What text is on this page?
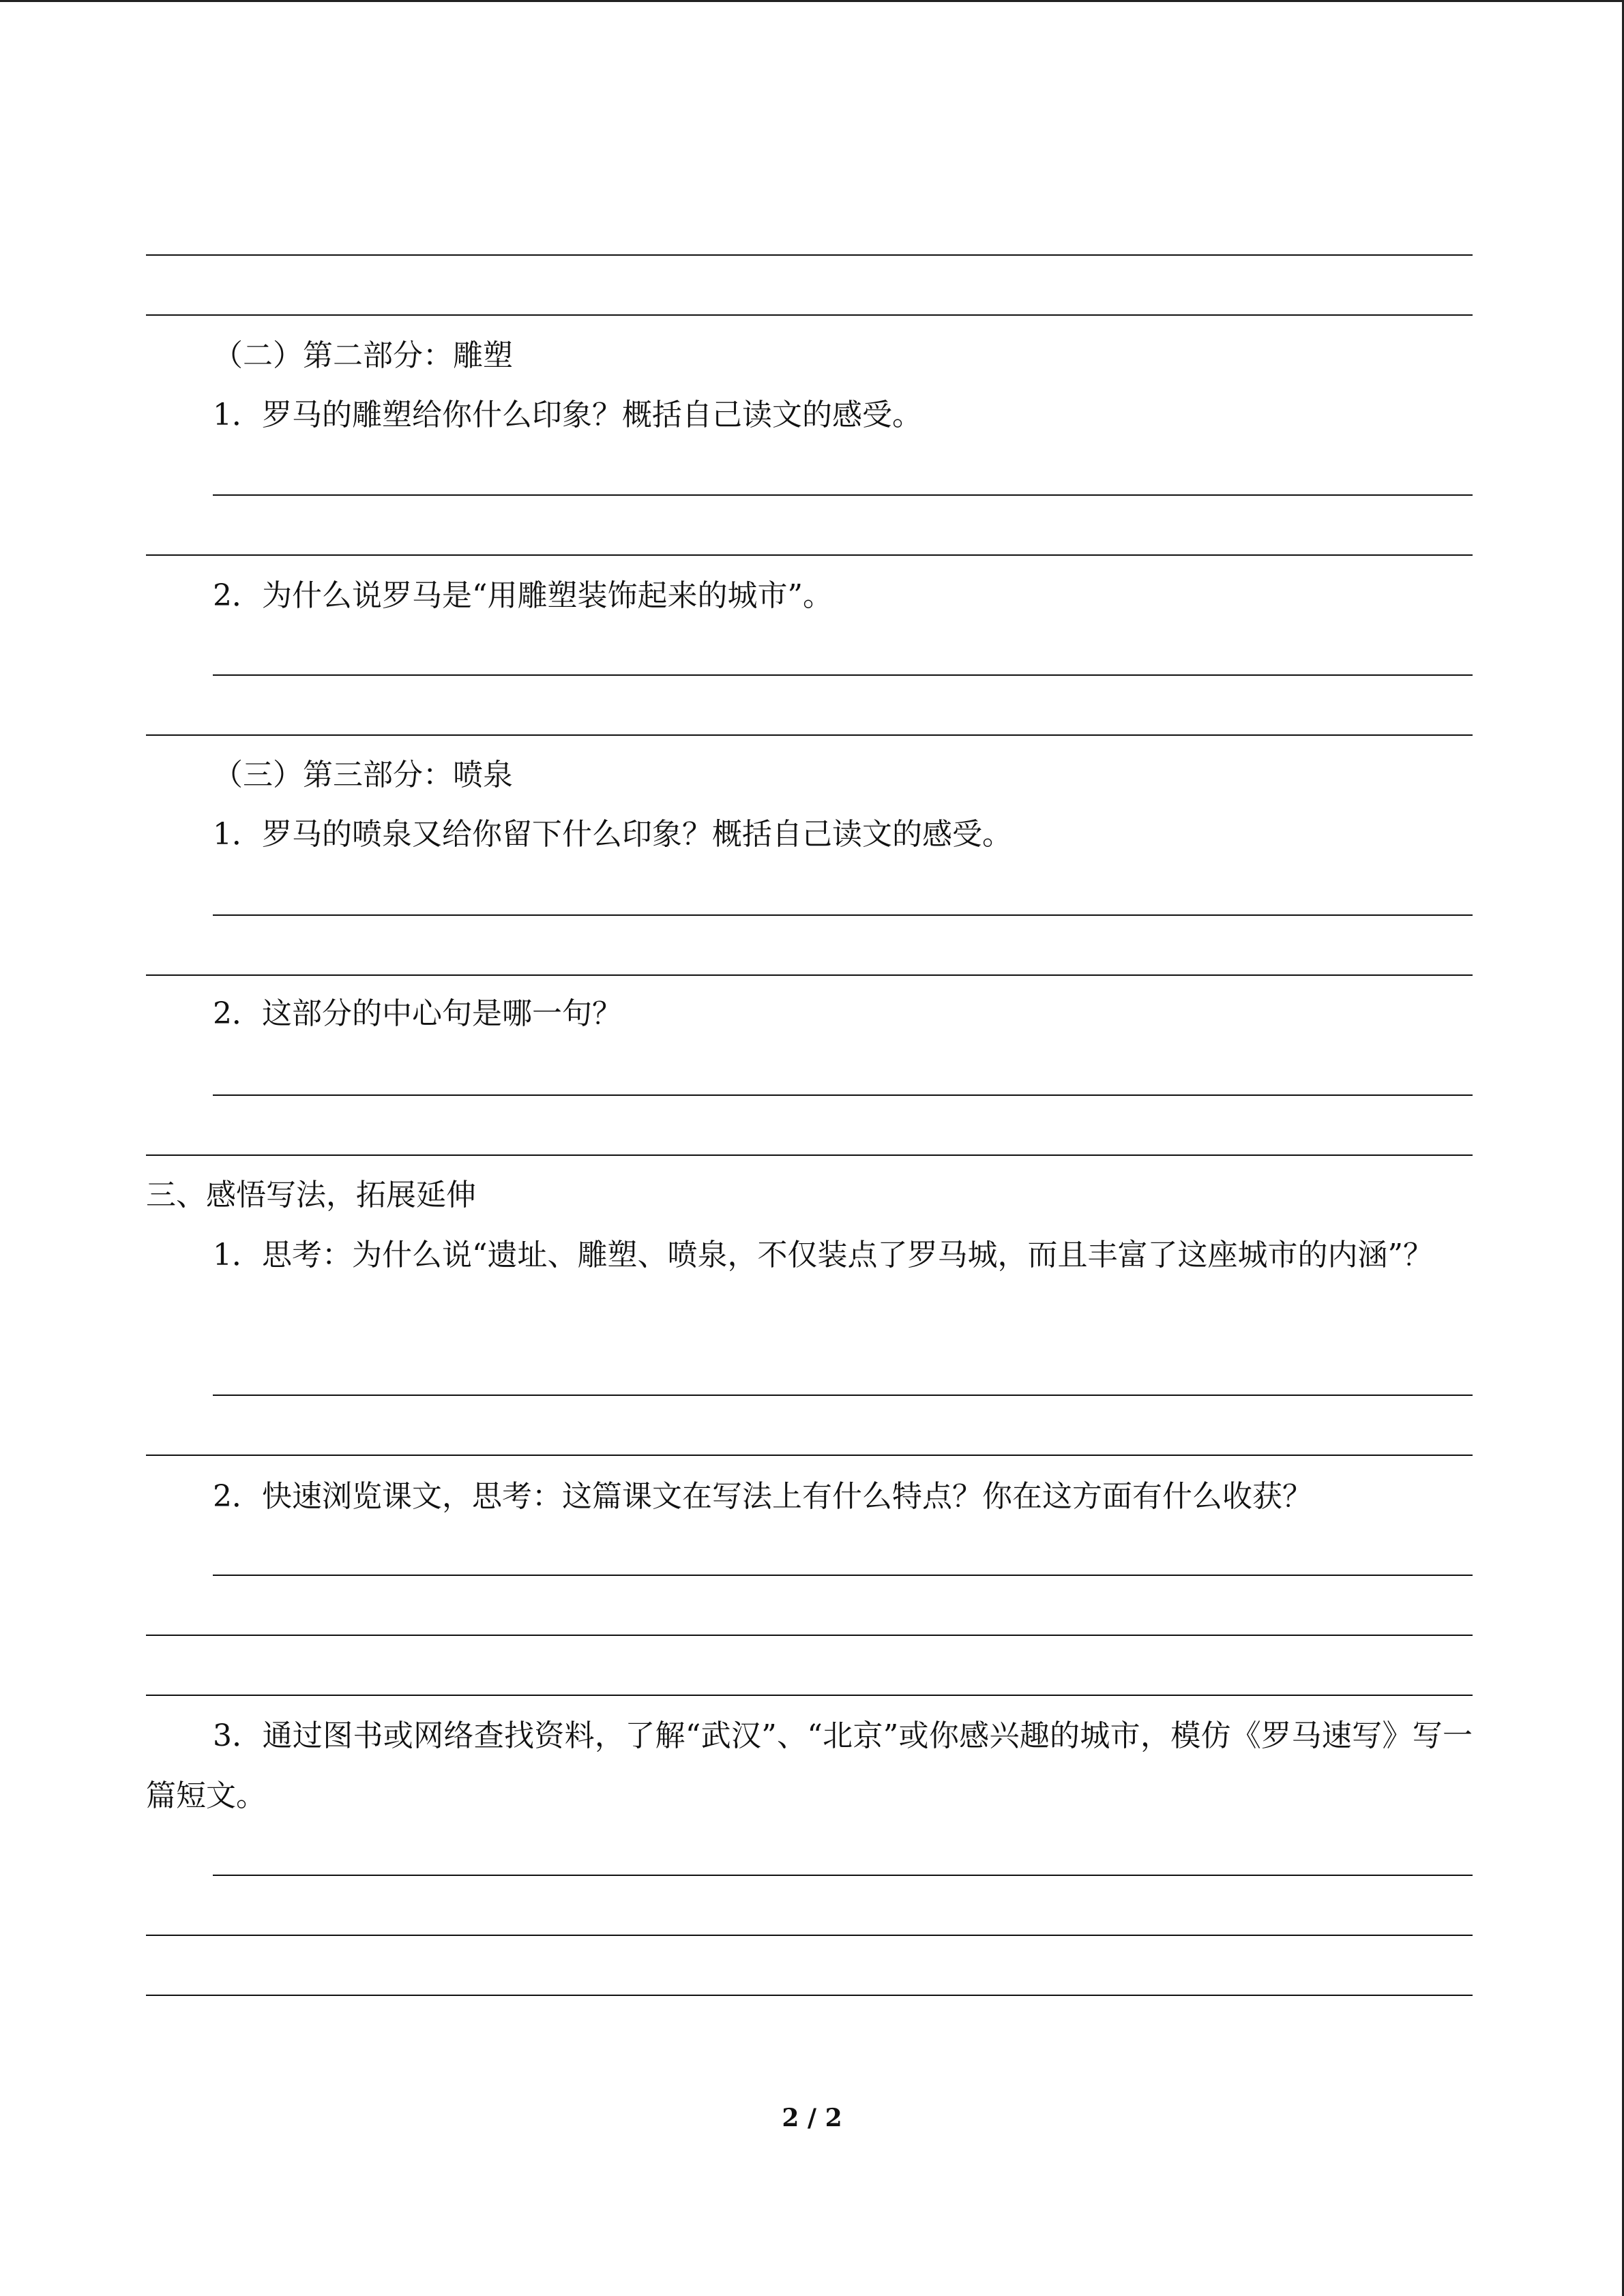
（二）第二部分：雕塑
1．罗马的雕塑给你什么印象？概括自己读文的感受。
2．为什么说罗马是“用雕塑装饰起来的城市”。
（三）第三部分：喷泉
1．罗马的喷泉又给你留下什么印象？概括自己读文的感受。
2．这部分的中心句是哪一句？
三、感悟写法，拓展延伸
1．思考：为什么说“遗址、雕塑、喷泉，不仅装点了罗马城，而且丰富了这座城市的内涵”？
2．快速浏览课文，思考：这篇课文在写法上有什么特点？你在这方面有什么收获？
3．通过图书或网络查找资料，了解“武汉”、“北京”或你感兴趣的城市，模仿《罗马速写》写一篇短文。
2 / 2
